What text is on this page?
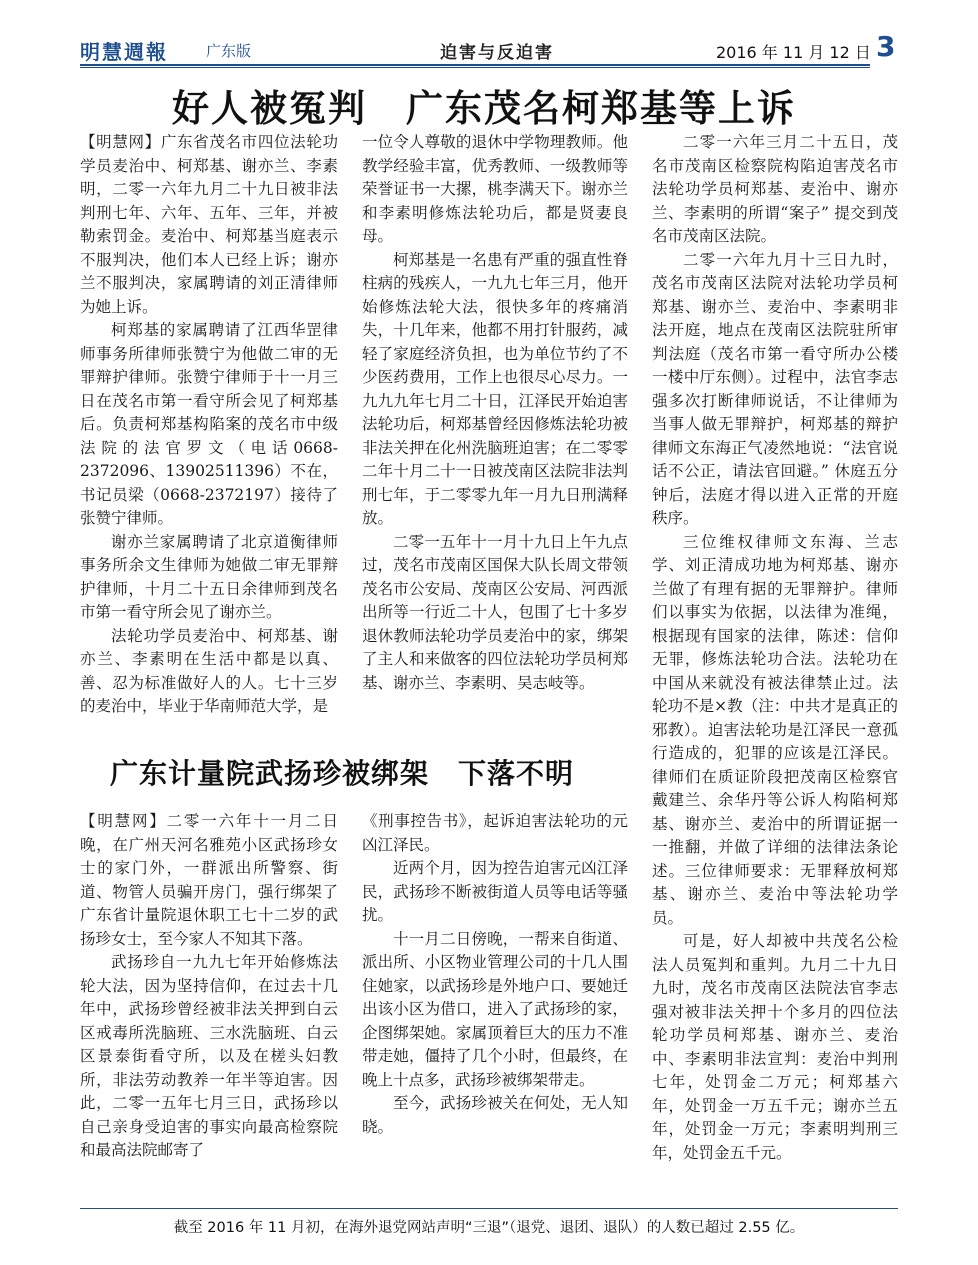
明慧週報	广东版	迫害与反迫害	2016 年 11 月 12 日 3
好人被冤判　广东茂名柯郑基等上诉

【明慧网】广东省茂名市四位法轮功学员麦治中、柯郑基、谢亦兰、李素明，二零一六年九月二十九日被非法判刑七年、六年、五年、三年，并被勒索罚金。麦治中、柯郑基当庭表示不服判决，他们本人已经上诉；谢亦兰不服判决，家属聘请的刘正清律师为她上诉。

柯郑基的家属聘请了江西华罡律师事务所律师张赞宁为他做二审的无罪辩护律师。张赞宁律师于十一月三日在茂名市第一看守所会见了柯郑基后。负责柯郑基构陷案的茂名市中级法院的法官罗文（电话0668-2372096、13902511396）不在，书记员梁（0668-2372197）接待了张赞宁律师。

谢亦兰家属聘请了北京道衡律师事务所余文生律师为她做二审无罪辩护律师，十月二十五日余律师到茂名市第一看守所会见了谢亦兰。

法轮功学员麦治中、柯郑基、谢亦兰、李素明在生活中都是以真、善、忍为标准做好人的人。七十三岁的麦治中，毕业于华南师范大学，是

一位令人尊敬的退休中学物理教师。他教学经验丰富，优秀教师、一级教师等荣誉证书一大摞，桃李满天下。谢亦兰和李素明修炼法轮功后，都是贤妻良母。

柯郑基是一名患有严重的强直性脊柱病的残疾人，一九九七年三月，他开始修炼法轮大法，很快多年的疼痛消失，十几年来，他都不用打针服药，减轻了家庭经济负担，也为单位节约了不少医药费用，工作上也很尽心尽力。一九九九年七月二十日，江泽民开始迫害法轮功后，柯郑基曾经因修炼法轮功被非法关押在化州洗脑班迫害；在二零零二年十月二十一日被茂南区法院非法判刑七年，于二零零九年一月九日刑满释放。

二零一五年十一月十九日上午九点过，茂名市茂南区国保大队长周文带领茂名市公安局、茂南区公安局、河西派出所等一行近二十人，包围了七十多岁退休教师法轮功学员麦治中的家，绑架了主人和来做客的四位法轮功学员柯郑基、谢亦兰、李素明、吴志岐等。

二零一六年三月二十五日，茂名市茂南区检察院构陷迫害茂名市法轮功学员柯郑基、麦治中、谢亦兰、李素明的所谓“案子” 提交到茂名市茂南区法院。

二零一六年九月十三日九时，茂名市茂南区法院对法轮功学员柯郑基、谢亦兰、麦治中、李素明非法开庭，地点在茂南区法院驻所审判法庭（茂名市第一看守所办公楼一楼中厅东侧）。过程中，法官李志强多次打断律师说话，不让律师为当事人做无罪辩护，柯郑基的辩护律师文东海正气凌然地说：“法官说话不公正，请法官回避。” 休庭五分钟后，法庭才得以进入正常的开庭秩序。

三位维权律师文东海、兰志学、刘正清成功地为柯郑基、谢亦兰做了有理有据的无罪辩护。律师们以事实为依据，以法律为准绳，根据现有国家的法律，陈述：信仰无罪，修炼法轮功合法。法轮功在中国从来就没有被法律禁止过。法轮功不是×教（注：中共才是真正的邪教）。迫害法轮功是江泽民一意孤行造成的，犯罪的应该是江泽民。律师们在质证阶段把茂南区检察官戴建兰、余华丹等公诉人构陷柯郑基、谢亦兰、麦治中的所谓证据一一推翻，并做了详细的法律法条论述。三位律师要求：无罪释放柯郑基、谢亦兰、麦治中等法轮功学员。

可是，好人却被中共茂名公检法人员冤判和重判。九月二十九日九时，茂名市茂南区法院法官李志强对被非法关押十个多月的四位法轮功学员柯郑基、谢亦兰、麦治中、李素明非法宣判：麦治中判刑七年，处罚金二万元；柯郑基六年，处罚金一万五千元；谢亦兰五年，处罚金一万元；李素明判刑三年，处罚金五千元。

广东计量院武扬珍被绑架　下落不明

【明慧网】二零一六年十一月二日晚，在广州天河名雅苑小区武扬珍女士的家门外，一群派出所警察、街道、物管人员骗开房门，强行绑架了广东省计量院退休职工七十二岁的武扬珍女士，至今家人不知其下落。

武扬珍自一九九七年开始修炼法轮大法，因为坚持信仰，在过去十几年中，武扬珍曾经被非法关押到白云区戒毒所洗脑班、三水洗脑班、白云区景泰街看守所，以及在槎头妇教所，非法劳动教养一年半等迫害。因此，二零一五年七月三日，武扬珍以自己亲身受迫害的事实向最高检察院和最高法院邮寄了

《刑事控告书》，起诉迫害法轮功的元凶江泽民。

近两个月，因为控告迫害元凶江泽民，武扬珍不断被街道人员等电话等骚扰。

十一月二日傍晚，一帮来自街道、派出所、小区物业管理公司的十几人围住她家，以武扬珍是外地户口、要她迁出该小区为借口，进入了武扬珍的家，企图绑架她。家属顶着巨大的压力不准带走她，僵持了几个小时，但最终，在晚上十点多，武扬珍被绑架带走。

至今，武扬珍被关在何处，无人知晓。

截至 2016 年 11 月初，在海外退党网站声明“三退”（退党、退团、退队）的人数已超过 2.55 亿。
